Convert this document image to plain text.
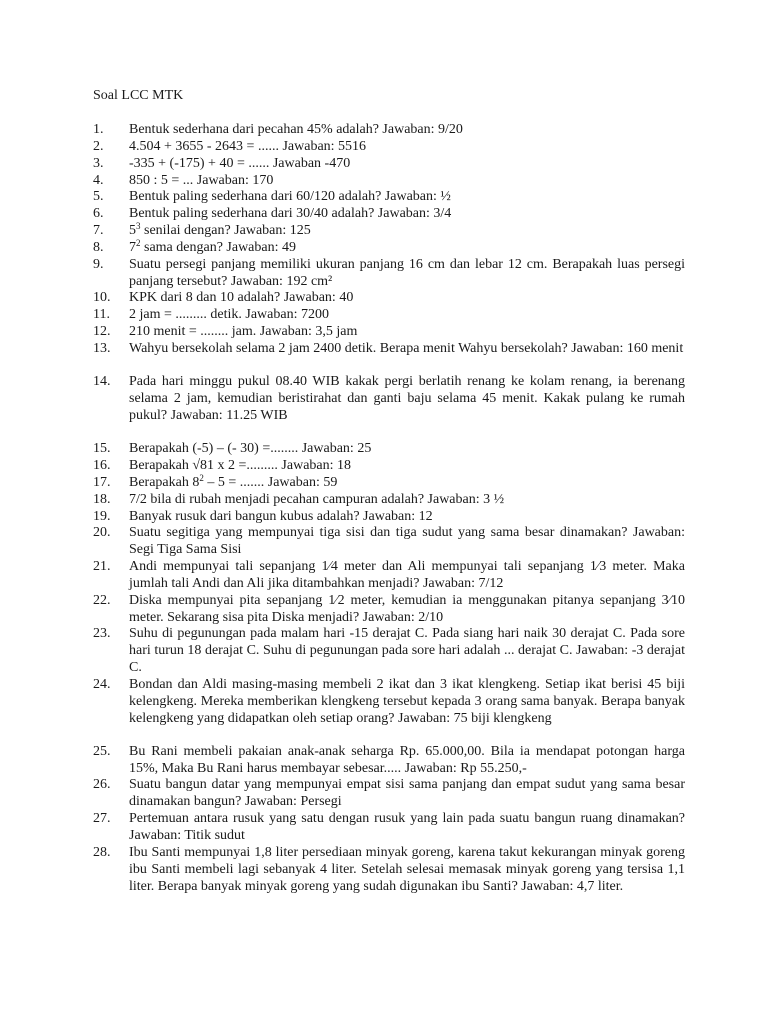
Soal LCC MTK
1. Bentuk sederhana dari pecahan 45% adalah? Jawaban: 9/20
2. 4.504 + 3655 - 2643 = ...... Jawaban: 5516
3. -335 + (-175) + 40 = ...... Jawaban -470
4. 850 : 5 = ... Jawaban: 170
5. Bentuk paling sederhana dari 60/120 adalah? Jawaban: ½
6. Bentuk paling sederhana dari 30/40 adalah? Jawaban: 3/4
7. $5^3$ senilai dengan? Jawaban: 125
8. $7^2$ sama dengan? Jawaban: 49
9. Suatu persegi panjang memiliki ukuran panjang 16 cm dan lebar 12 cm. Berapakah luas persegi panjang tersebut? Jawaban: 192 cm²
10. KPK dari 8 dan 10 adalah? Jawaban: 40
11. 2 jam = ......... detik. Jawaban: 7200
12. 210 menit = ........ jam. Jawaban: 3,5 jam
13. Wahyu bersekolah selama 2 jam 2400 detik. Berapa menit Wahyu bersekolah? Jawaban: 160 menit
14. Pada hari minggu pukul 08.40 WIB kakak pergi berlatih renang ke kolam renang, ia berenang selama 2 jam, kemudian beristirahat dan ganti baju selama 45 menit. Kakak pulang ke rumah pukul? Jawaban: 11.25 WIB
15. Berapakah (-5) – (- 30) =........ Jawaban: 25
16. Berapakah √81 x 2 =......... Jawaban: 18
17. Berapakah $8^2 - 5$ = ....... Jawaban: 59
18. 7/2 bila di rubah menjadi pecahan campuran adalah? Jawaban: 3 ½
19. Banyak rusuk dari bangun kubus adalah? Jawaban: 12
20. Suatu segitiga yang mempunyai tiga sisi dan tiga sudut yang sama besar dinamakan? Jawaban: Segi Tiga Sama Sisi
21. Andi mempunyai tali sepanjang 1⁄4 meter dan Ali mempunyai tali sepanjang 1⁄3 meter. Maka jumlah tali Andi dan Ali jika ditambahkan menjadi? Jawaban: 7/12
22. Diska mempunyai pita sepanjang 1⁄2 meter, kemudian ia menggunakan pitanya sepanjang 3⁄10 meter. Sekarang sisa pita Diska menjadi? Jawaban: 2/10
23. Suhu di pegunungan pada malam hari -15 derajat C. Pada siang hari naik 30 derajat C. Pada sore hari turun 18 derajat C. Suhu di pegunungan pada sore hari adalah ... derajat C. Jawaban: -3 derajat C.
24. Bondan dan Aldi masing-masing membeli 2 ikat dan 3 ikat klengkeng. Setiap ikat berisi 45 biji kelengkeng. Mereka memberikan klengkeng tersebut kepada 3 orang sama banyak. Berapa banyak kelengkeng yang didapatkan oleh setiap orang? Jawaban: 75 biji klengkeng
25. Bu Rani membeli pakaian anak-anak seharga Rp. 65.000,00. Bila ia mendapat potongan harga 15%, Maka Bu Rani harus membayar sebesar..... Jawaban: Rp 55.250,-
26. Suatu bangun datar yang mempunyai empat sisi sama panjang dan empat sudut yang sama besar dinamakan bangun? Jawaban: Persegi
27. Pertemuan antara rusuk yang satu dengan rusuk yang lain pada suatu bangun ruang dinamakan? Jawaban: Titik sudut
28. Ibu Santi mempunyai 1,8 liter persediaan minyak goreng, karena takut kekurangan minyak goreng ibu Santi membeli lagi sebanyak 4 liter. Setelah selesai memasak minyak goreng yang tersisa 1,1 liter. Berapa banyak minyak goreng yang sudah digunakan ibu Santi? Jawaban: 4,7 liter.
